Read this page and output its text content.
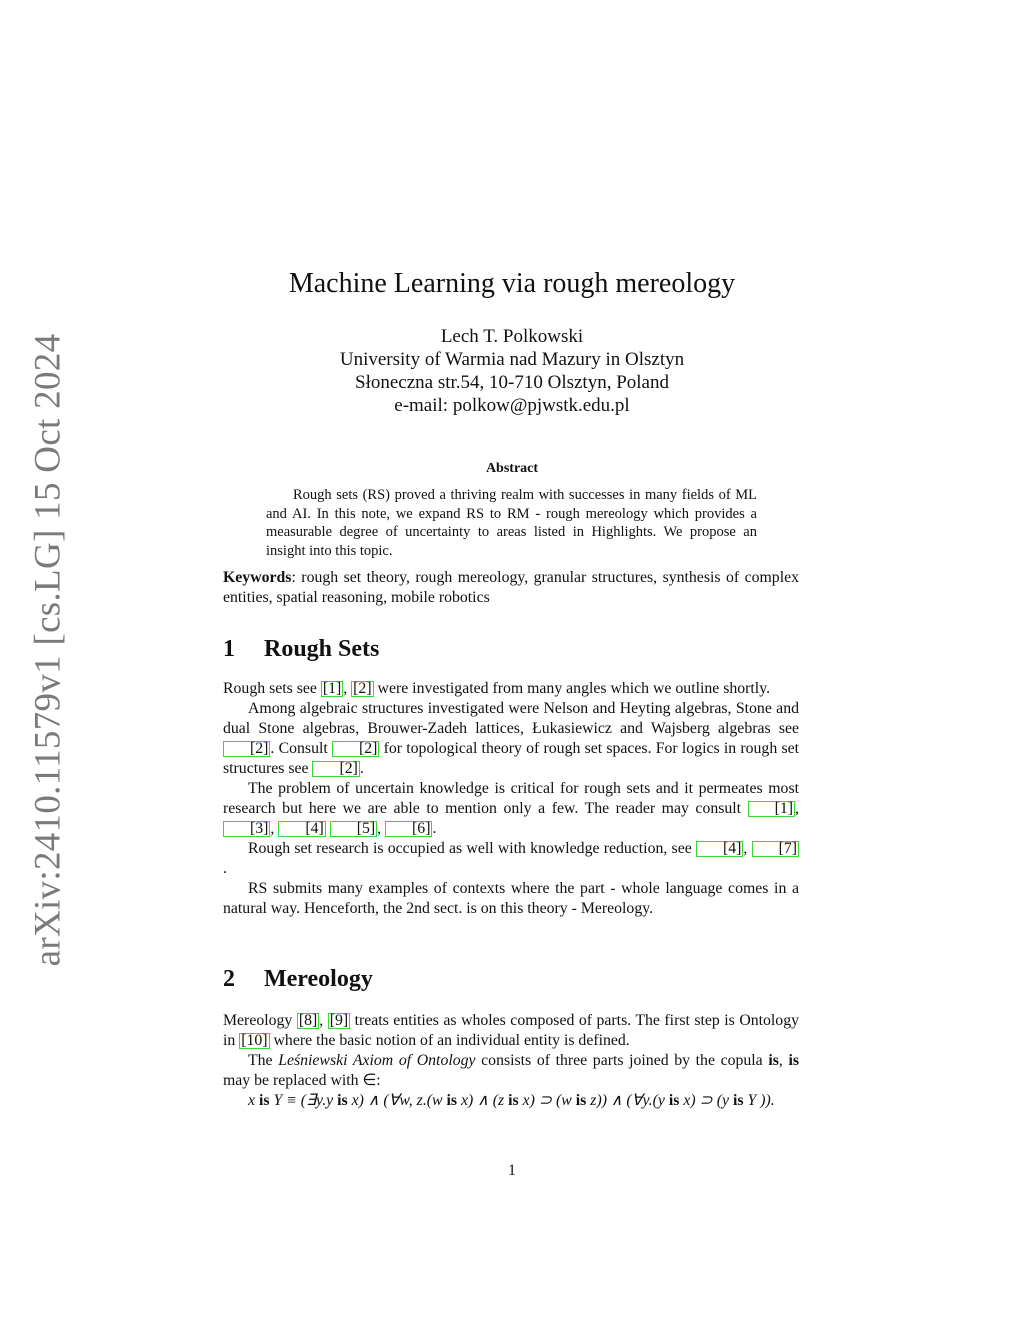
arXiv:2410.11579v1 [cs.LG] 15 Oct 2024
Machine Learning via rough mereology
Lech T. Polkowski
University of Warmia nad Mazury in Olsztyn
Słoneczna str.54, 10-710 Olsztyn, Poland
e-mail: polkow@pjwstk.edu.pl
Abstract
Rough sets (RS) proved a thriving realm with successes in many fields of ML and AI. In this note, we expand RS to RM - rough mereology which provides a measurable degree of uncertainty to areas listed in Highlights. We propose an insight into this topic.

Keywords: rough set theory, rough mereology, granular structures, synthesis of complex entities, spatial reasoning, mobile robotics

1 Rough Sets

Rough sets see [1] , [2] were investigated from many angles which we outline shortly.

Among algebraic structures investigated were Nelson and Heyting algebras, Stone and dual Stone algebras, Brouwer-Zadeh lattices, Łukasiewicz and Wajsberg algebras see [2] . Consult [2] for topological theory of rough set spaces. For logics in rough set structures see [2] .

The problem of uncertain knowledge is critical for rough sets and it permeates most research but here we are able to mention only a few. The reader may consult [1] , [3] , [4] [5] , [6] .

Rough set research is occupied as well with knowledge reduction, see [4] , [7].

RS submits many examples of contexts where the part - whole language comes in a natural way. Henceforth, the 2nd sect. is on this theory - Mereology.

2 Mereology

Mereology [8] , [9] treats entities as wholes composed of parts. The first step is Ontology in [10] where the basic notion of an individual entity is defined.

The Leśniewski Axiom of Ontology consists of three parts joined by the copula is, is may be replaced with ∈:

x is Y ≡ (∃y.y is x) ∧ (∀w, z.(w is x) ∧ (z is x) ⊃ (w is z)) ∧ (∀y.(y is x) ⊃ (y is Y )).

1
